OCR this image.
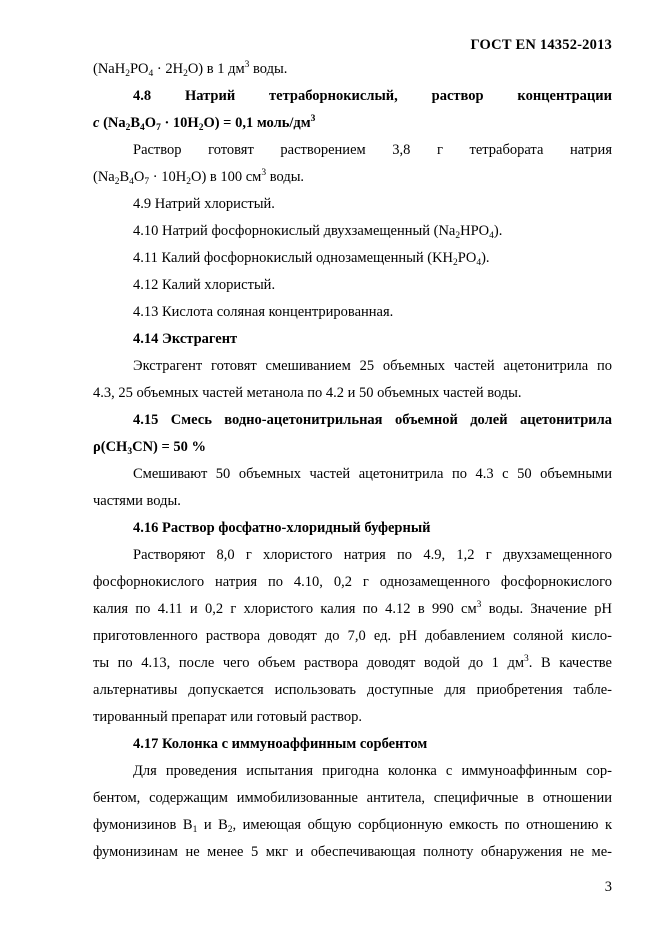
ГОСТ EN 14352-2013
$(NaH_2PO_4 \cdot 2H_2O)$ в 1 $дм^3$ воды.
4.8 Натрий тетраборнокислый, раствор концентрации
c $(Na_2B_4O_7 \cdot 10H_2O) = 0,1$ моль/$дм^3$
Раствор готовят растворением 3,8 г тетрабората натрия
$(Na_2B_4O_7 \cdot 10H_2O)$ в 100 $см^3$ воды.
4.9 Натрий хлористый.
4.10 Натрий фосфорнокислый двухзамещенный $(Na_2HPO_4)$.
4.11 Калий фосфорнокислый однозамещенный $(KH_2PO_4)$.
4.12 Калий хлористый.
4.13 Кислота соляная концентрированная.
4.14 Экстрагент
Экстрагент готовят смешиванием 25 объемных частей ацетонитрила по
4.3, 25 объемных частей метанола по 4.2 и 50 объемных частей воды.
4.15 Смесь водно-ацетонитрильная объемной долей ацетонитрила
$\rho(CH_3CN) = 50$ %
Смешивают 50 объемных частей ацетонитрила по 4.3 с 50 объемными
частями воды.
4.16 Раствор фосфатно-хлоридный буферный
Растворяют 8,0 г хлористого натрия по 4.9, 1,2 г двухзамещенного
фосфорнокислого натрия по 4.10, 0,2 г однозамещенного фосфорнокислого
калия по 4.11 и 0,2 г хлористого калия по 4.12 в 990 $см^3$ воды. Значение pH
приготовленного раствора доводят до 7,0 ед. pH добавлением соляной кисло-
ты по 4.13, после чего объем раствора доводят водой до 1 $дм^3$. В качестве
альтернативы допускается использовать доступные для приобретения табле-
тированный препарат или готовый раствор.
4.17 Колонка с иммуноаффинным сорбентом
Для проведения испытания пригодна колонка с иммуноаффинным сор-
бентом, содержащим иммобилизованные антитела, специфичные в отношении
фумонизинов $B_1$ и $B_2$, имеющая общую сорбционную емкость по отношению к
фумонизинам не менее 5 мкг и обеспечивающая полноту обнаружения не ме-
3
